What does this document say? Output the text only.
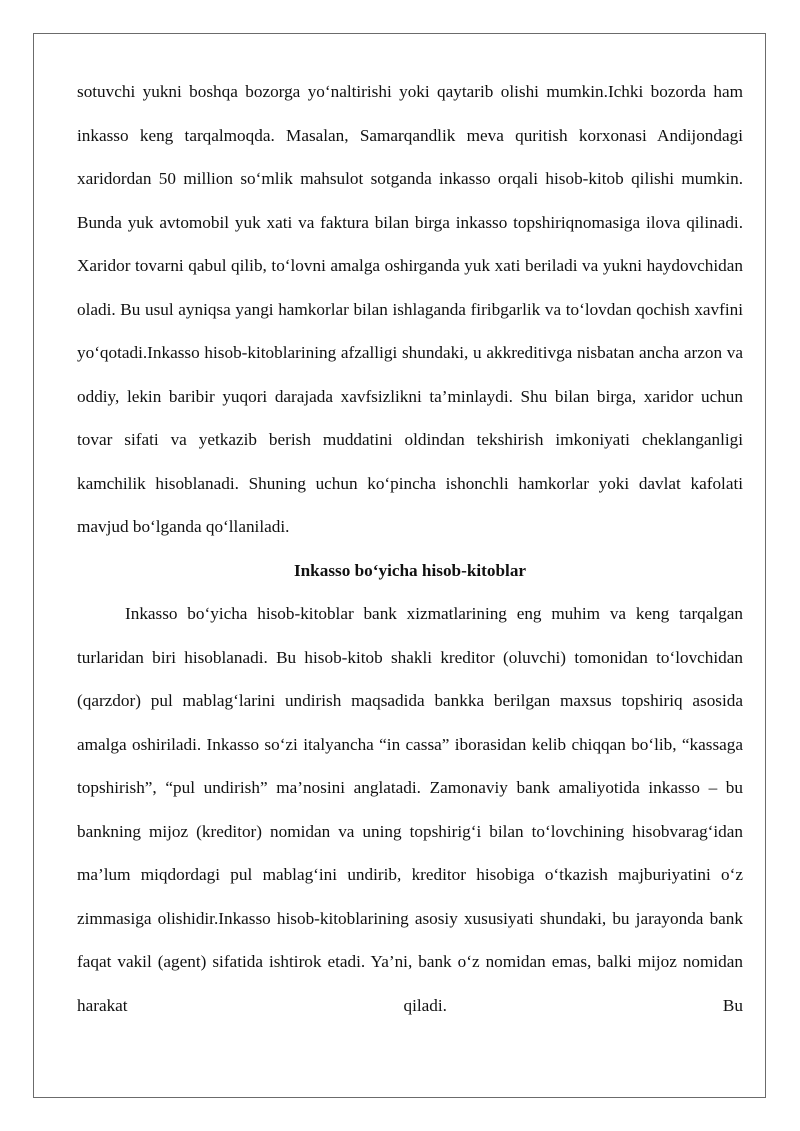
sotuvchi yukni boshqa bozorga yo‘naltirishi yoki qaytarib olishi mumkin.Ichki bozorda ham inkasso keng tarqalmoqda. Masalan, Samarqandlik meva quritish korxonasi Andijondagi xaridordan 50 million so‘mlik mahsulot sotganda inkasso orqali hisob-kitob qilishi mumkin. Bunda yuk avtomobil yuk xati va faktura bilan birga inkasso topshiriqnomasiga ilova qilinadi. Xaridor tovarni qabul qilib, to‘lovni amalga oshirganda yuk xati beriladi va yukni haydovchidan oladi. Bu usul ayniqsa yangi hamkorlar bilan ishlaganda firibgarlik va to‘lovdan qochish xavfini yo‘qotadi.Inkasso hisob-kitoblarining afzalligi shundaki, u akkreditivga nisbatan ancha arzon va oddiy, lekin baribir yuqori darajada xavfsizlikni ta’minlaydi. Shu bilan birga, xaridor uchun tovar sifati va yetkazib berish muddatini oldindan tekshirish imkoniyati cheklanganligi kamchilik hisoblanadi. Shuning uchun ko‘pincha ishonchli hamkorlar yoki davlat kafolati mavjud bo‘lganda qo‘llaniladi.

Inkasso bo‘yicha hisob-kitoblar

Inkasso bo‘yicha hisob-kitoblar bank xizmatlarining eng muhim va keng tarqalgan turlaridan biri hisoblanadi. Bu hisob-kitob shakli kreditor (oluvchi) tomonidan to‘lovchidan (qarzdor) pul mablag‘larini undirish maqsadida bankka berilgan maxsus topshiriq asosida amalga oshiriladi. Inkasso so‘zi italyancha “in cassa” iborasidan kelib chiqqan bo‘lib, “kassaga topshirish”, “pul undirish” ma’nosini anglatadi. Zamonaviy bank amaliyotida inkasso – bu bankning mijoz (kreditor) nomidan va uning topshirig‘i bilan to‘lovchining hisobvarag‘idan ma’lum miqdordagi pul mablag‘ini undirib, kreditor hisobiga o‘tkazish majburiyatini o‘z zimmasiga olishidir.Inkasso hisob-kitoblarining asosiy xususiyati shundaki, bu jarayonda bank faqat vakil (agent) sifatida ishtirok etadi. Ya’ni, bank o‘z nomidan emas, balki mijoz nomidan harakat qiladi. Bu
